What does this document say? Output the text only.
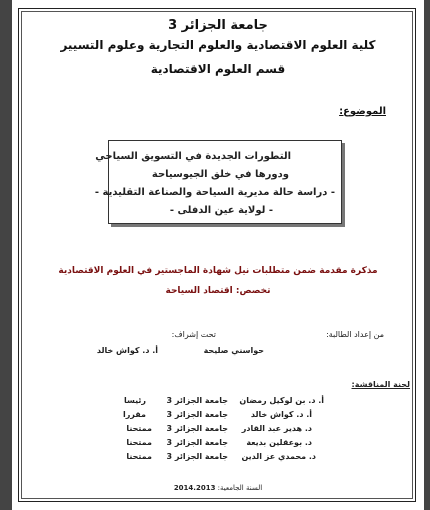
جامعة الجزائر 3
كلية العلوم الاقتصادية والعلوم التجارية وعلوم التسيير
قسم العلوم الاقتصادية
الموضوع:
التطورات الجديدة في التسويق السياحي
ودورها في خلق الجيوسياحة
- دراسة حالة مديرية السياحة والصناعة التقليدية -
- لولاية عين الدفلى -
مذكرة مقدمة ضمن متطلبات نيل شهادة الماجستير في العلوم الاقتصادية
تخصص: اقتصاد السياحة
من إعداد الطالبة:
تحت إشراف:
حواسني صليحة
أ. د. كواش خالد
لجنة المناقشة:
أ. د. بن لوكيل رمضان
جامعة الجزائر 3
رئيسا
أ. د. كواش خالد
جامعة الجزائر 3
مقررا
د. هدير عبد القادر
جامعة الجزائر 3
ممتحنا
د. بوعقلين بديعة
جامعة الجزائر 3
ممتحنا
د. محمدي عز الدين
جامعة الجزائر 3
ممتحنا
السنة الجامعية: 2014.2013
